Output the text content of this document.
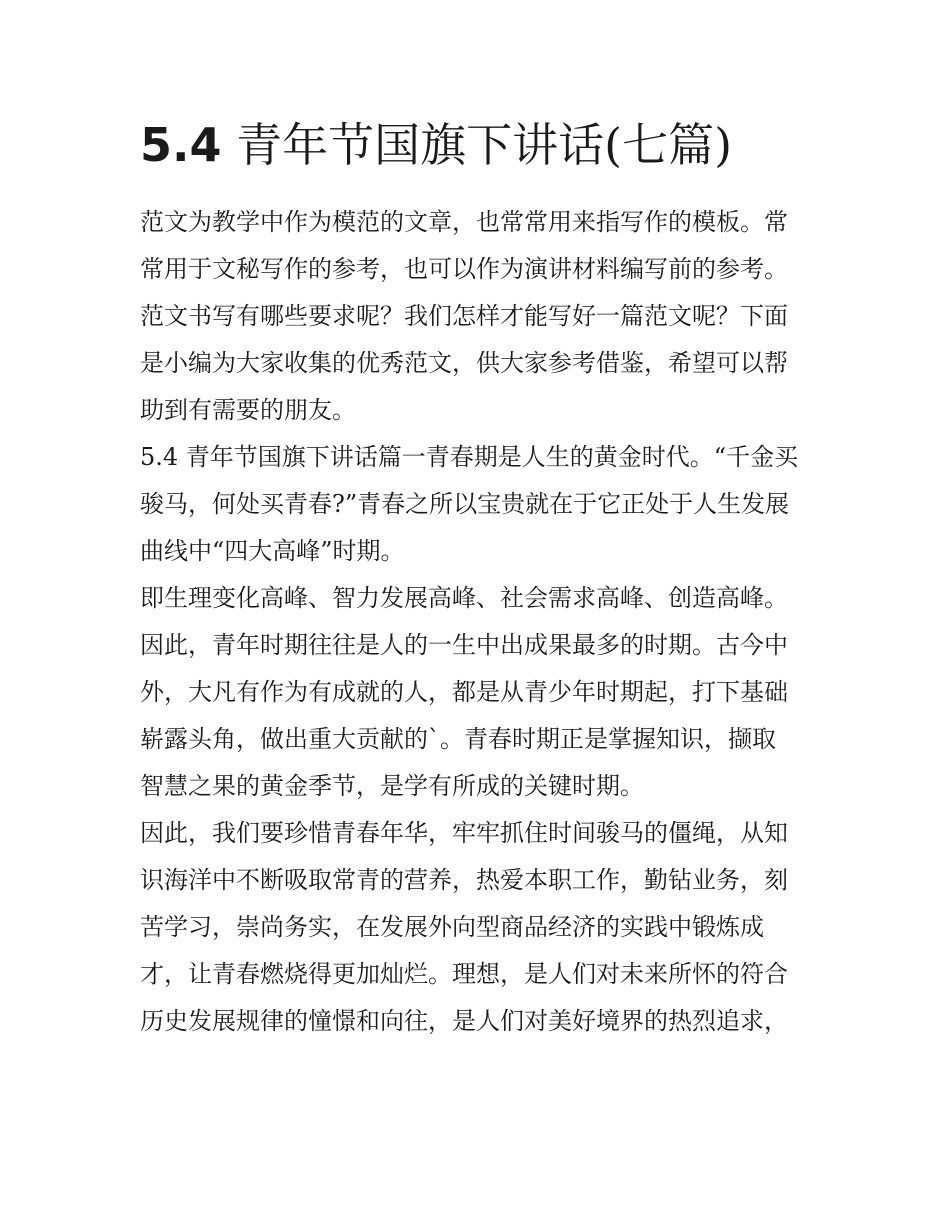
5.4 青年节国旗下讲话(七篇)
范文为教学中作为模范的文章，也常常用来指写作的模板。常
常用于文秘写作的参考，也可以作为演讲材料编写前的参考。
范文书写有哪些要求呢？我们怎样才能写好一篇范文呢？下面
是小编为大家收集的优秀范文，供大家参考借鉴，希望可以帮
助到有需要的朋友。
5.4 青年节国旗下讲话篇一青春期是人生的黄金时代。“千金买
骏马，何处买青春?”青春之所以宝贵就在于它正处于人生发展
曲线中“四大高峰”时期。
即生理变化高峰、智力发展高峰、社会需求高峰、创造高峰。
因此，青年时期往往是人的一生中出成果最多的时期。古今中
外，大凡有作为有成就的人，都是从青少年时期起，打下基础
崭露头角，做出重大贡献的`。青春时期正是掌握知识，撷取
智慧之果的黄金季节，是学有所成的关键时期。
因此，我们要珍惜青春年华，牢牢抓住时间骏马的僵绳，从知
识海洋中不断吸取常青的营养，热爱本职工作，勤钻业务，刻
苦学习，崇尚务实，在发展外向型商品经济的实践中锻炼成
才，让青春燃烧得更加灿烂。理想，是人们对未来所怀的符合
历史发展规律的憧憬和向往，是人们对美好境界的热烈追求，
